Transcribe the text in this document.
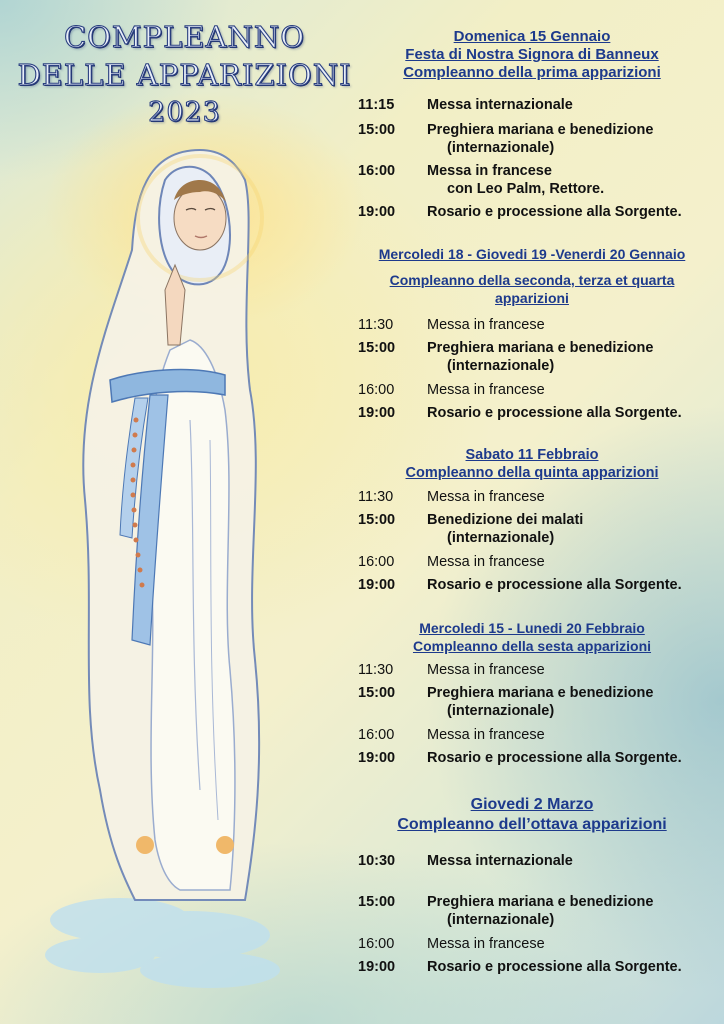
COMPLEANNO
DELLE APPARIZIONI
2023
Domenica 15 Gennaio
Festa di Nostra Signora di Banneux
Compleanno della prima apparizioni
11:15	Messa internazionale
15:00	Preghiera mariana e benedizione
(internazionale)
16:00	Messa in francese
con Leo Palm, Rettore.
19:00	Rosario e processione alla Sorgente.
Mercoledi 18 - Giovedi 19 -Venerdi 20 Gennaio
Compleanno della seconda, terza et quarta
apparizioni
11:30	Messa in francese
15:00	Preghiera mariana e benedizione
(internazionale)
16:00	Messa in francese
19:00	Rosario e processione alla Sorgente.
Sabato 11 Febbraio
Compleanno della quinta apparizioni
11:30	Messa in francese
15:00	Benedizione dei malati
(internazionale)
16:00	Messa in francese
19:00	Rosario e processione alla Sorgente.
Mercoledi 15 - Lunedi 20 Febbraio
Compleanno della sesta apparizioni
11:30	Messa in francese
15:00	Preghiera mariana e benedizione
(internazionale)
16:00	Messa in francese
19:00	Rosario e processione alla Sorgente.
Giovedi 2 Marzo
Compleanno dell’ottava apparizioni
10:30	Messa internazionale
15:00	Preghiera mariana e benedizione
(internazionale)
16:00	Messa in francese
19:00	Rosario e processione alla Sorgente.
